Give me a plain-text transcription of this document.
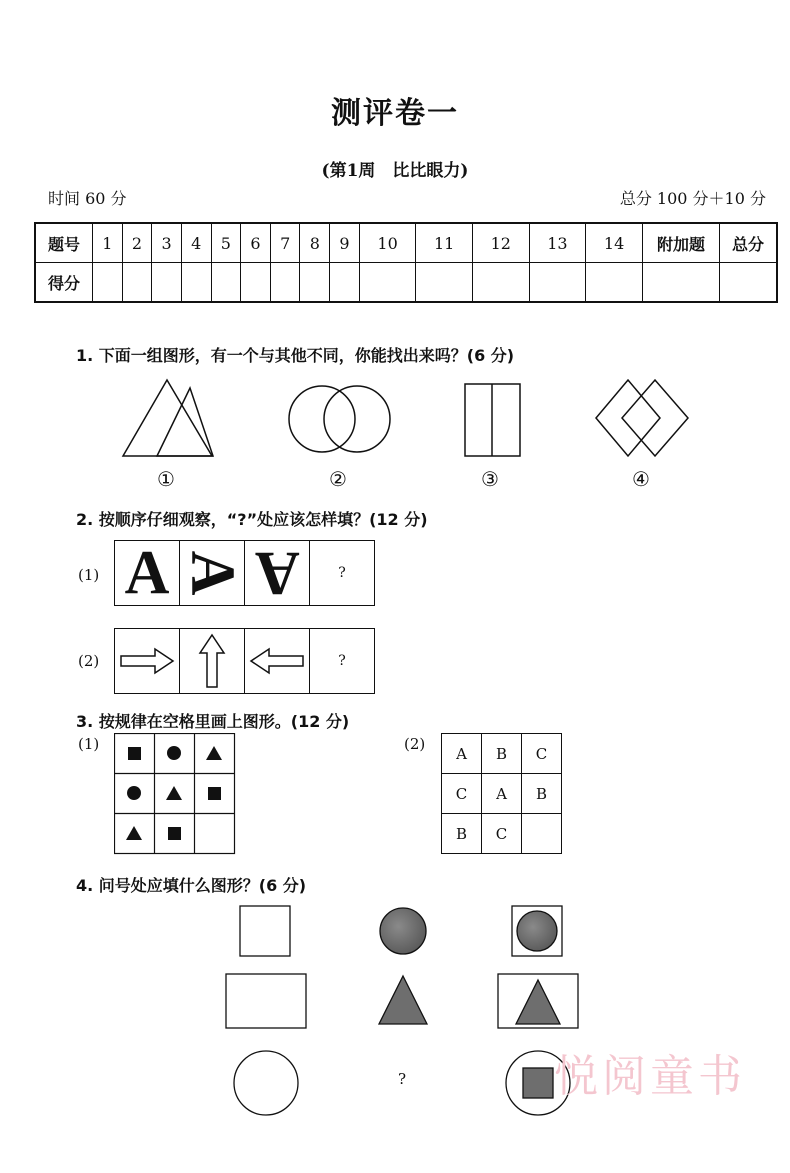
测评卷一
(第1周　比比眼力)
时间 60 分	总分 100 分＋10 分
题号	1	2	3	4	5	6	7	8	9	10	11	12	13	14	附加题	总分
得分																
1. 下面一组图形，有一个与其他不同，你能找出来吗？(6 分)
①	②	③	④
2. 按顺序仔细观察，“?”处应该怎样填？(12 分)
(1) A A A	?
(2)	?
3. 按规律在空格里画上图形。(12 分)
(1)	(2)
A	B	C
C	A	B
B	C	
4. 问号处应填什么图形？(6 分)
?	悦阅童书
